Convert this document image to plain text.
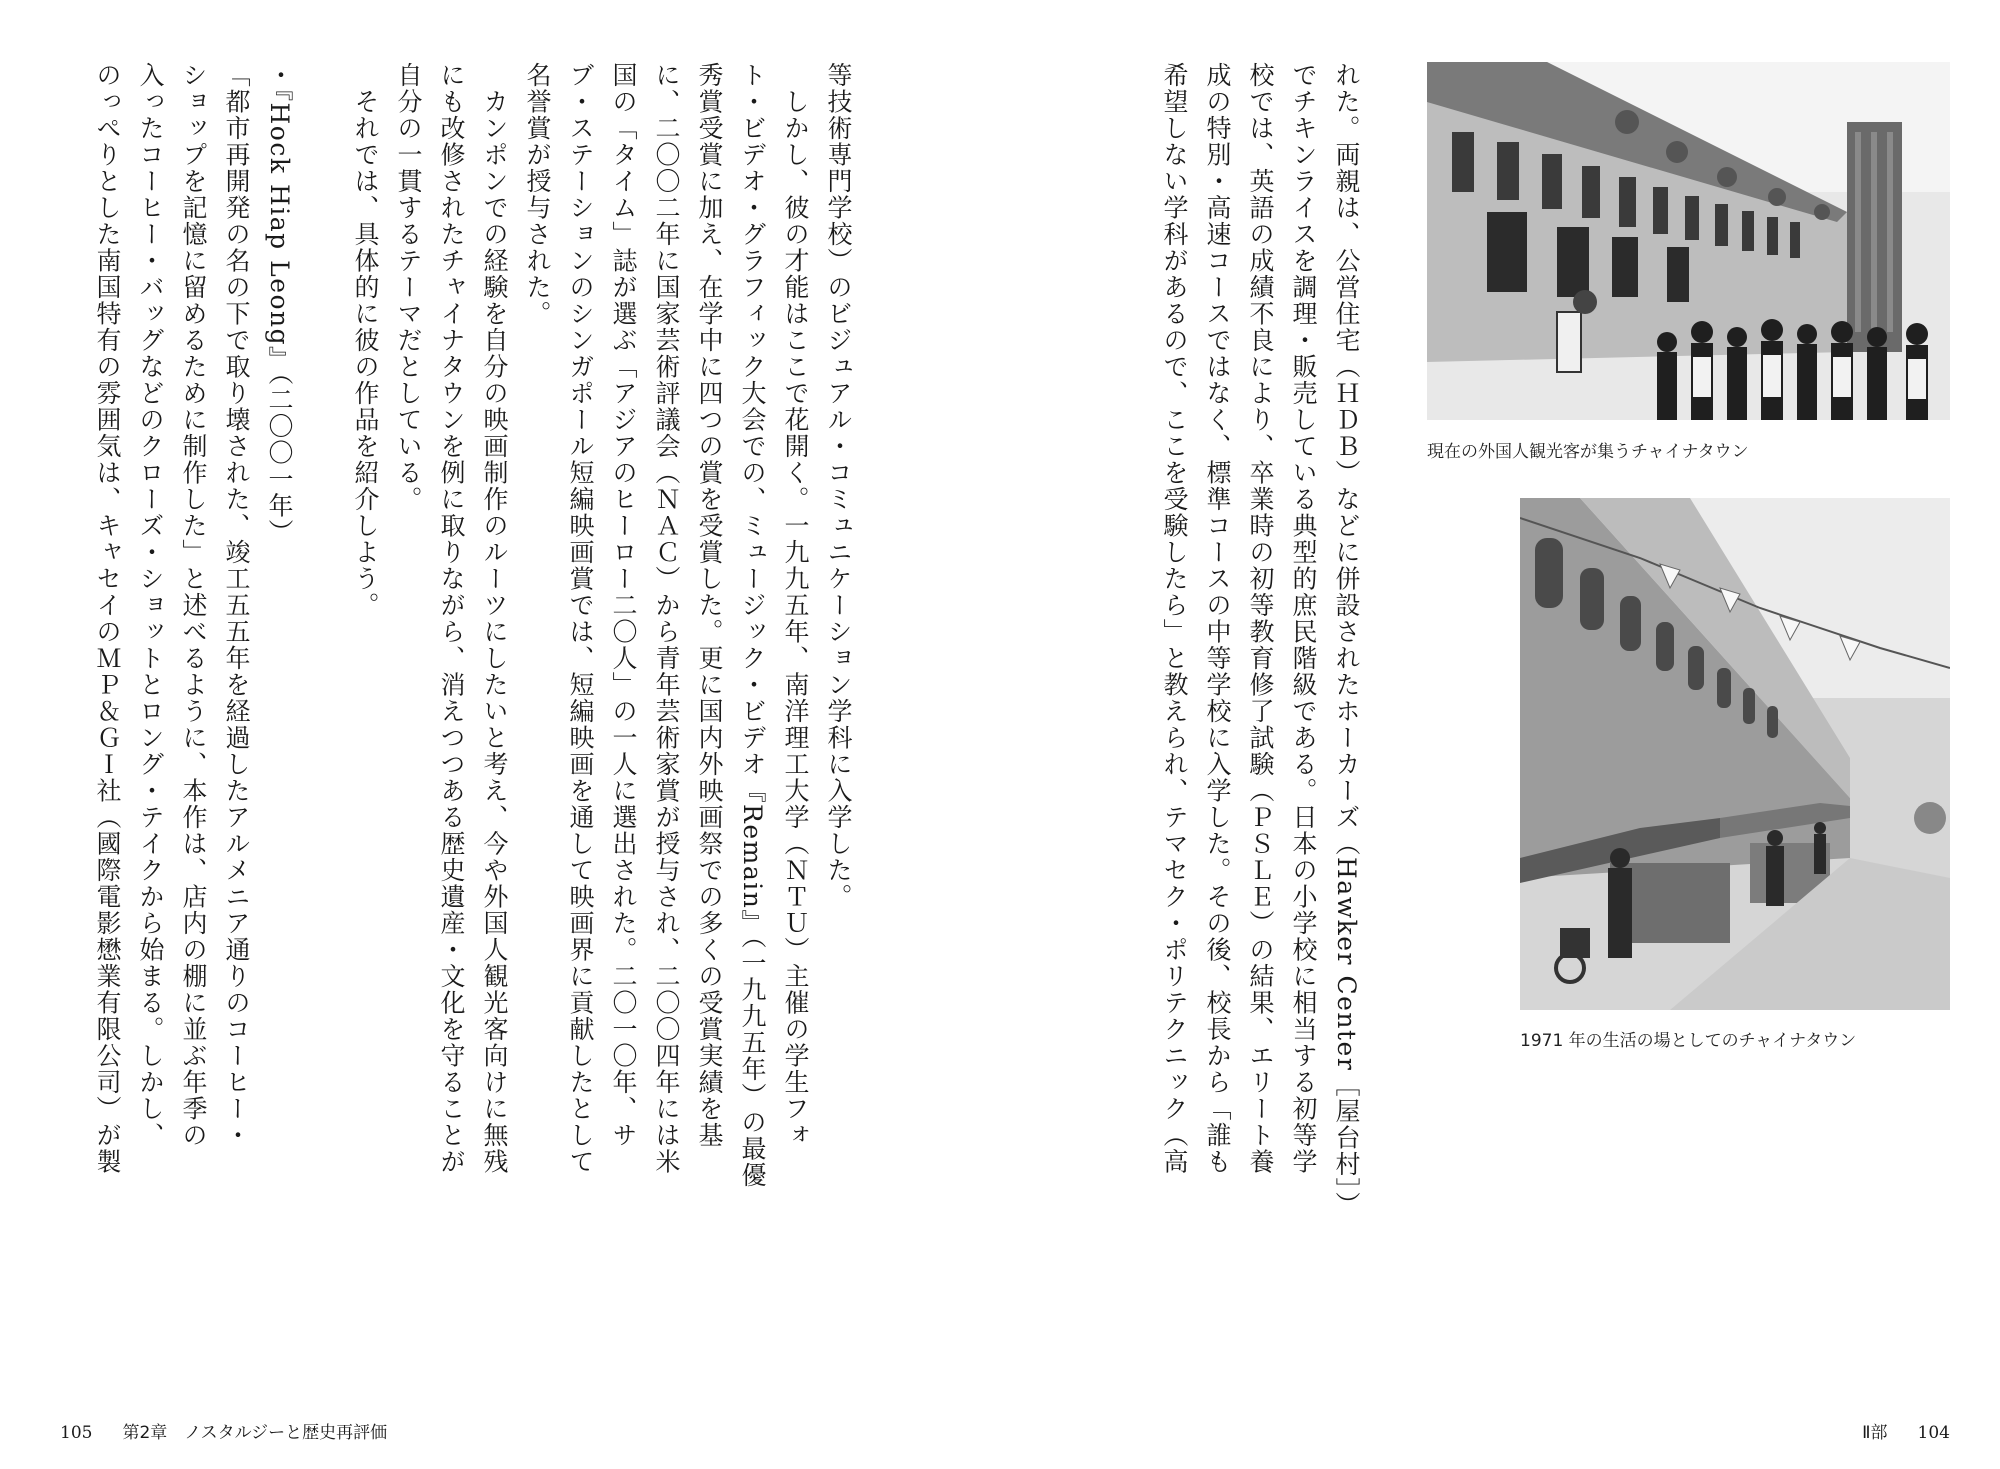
れた。両親は、公営住宅（ＨＤＢ）などに併設されたホーカーズ（Hawker Center［屋台村］）
でチキンライスを調理・販売している典型的庶民階級である。日本の小学校に相当する初等学
校では、英語の成績不良により、卒業時の初等教育修了試験（ＰＳＬＥ）の結果、エリート養
成の特別・高速コースではなく、標準コースの中等学校に入学した。その後、校長から「誰も
希望しない学科があるので、ここを受験したら」と教えられ、テマセク・ポリテクニック（高	現在の外国人観光客が集うチャイナタウン
1971 年の生活の場としてのチャイナタウン
等技術専門学校）のビジュアル・コミュニケーション学科に入学した。
　しかし、彼の才能はここで花開く。一九九五年、南洋理工大学（ＮＴＵ）主催の学生フォ
ト・ビデオ・グラフィック大会での、ミュージック・ビデオ『Remain』（一九九五年）の最優
秀賞受賞に加え、在学中に四つの賞を受賞した。更に国内外映画祭での多くの受賞実績を基
に、二〇〇二年に国家芸術評議会（ＮＡＣ）から青年芸術家賞が授与され、二〇〇四年には米
国の「タイム」誌が選ぶ「アジアのヒーロー二〇人」の一人に選出された。二〇一〇年、サ
ブ・ステーションのシンガポール短編映画賞では、短編映画を通して映画界に貢献したとして
名誉賞が授与された。
　カンポンでの経験を自分の映画制作のルーツにしたいと考え、今や外国人観光客向けに無残
にも改修されたチャイナタウンを例に取りながら、消えつつある歴史遺産・文化を守ることが
自分の一貫するテーマだとしている。
　それでは、具体的に彼の作品を紹介しよう。
・『Hock Hiap Leong』（二〇〇一年）
「都市再開発の名の下で取り壊された、竣工五五年を経過したアルメニア通りのコーヒー・
ショップを記憶に留めるために制作した」と述べるように、本作は、店内の棚に並ぶ年季の
入ったコーヒー・バッグなどのクローズ・ショットとロング・テイクから始まる。しかし、
のっぺりとした南国特有の雰囲気は、キャセイのＭＰ＆ＧＩ社（國際電影懋業有限公司）が製
105 第2章　ノスタルジーと歴史再評価	Ⅱ部 104
